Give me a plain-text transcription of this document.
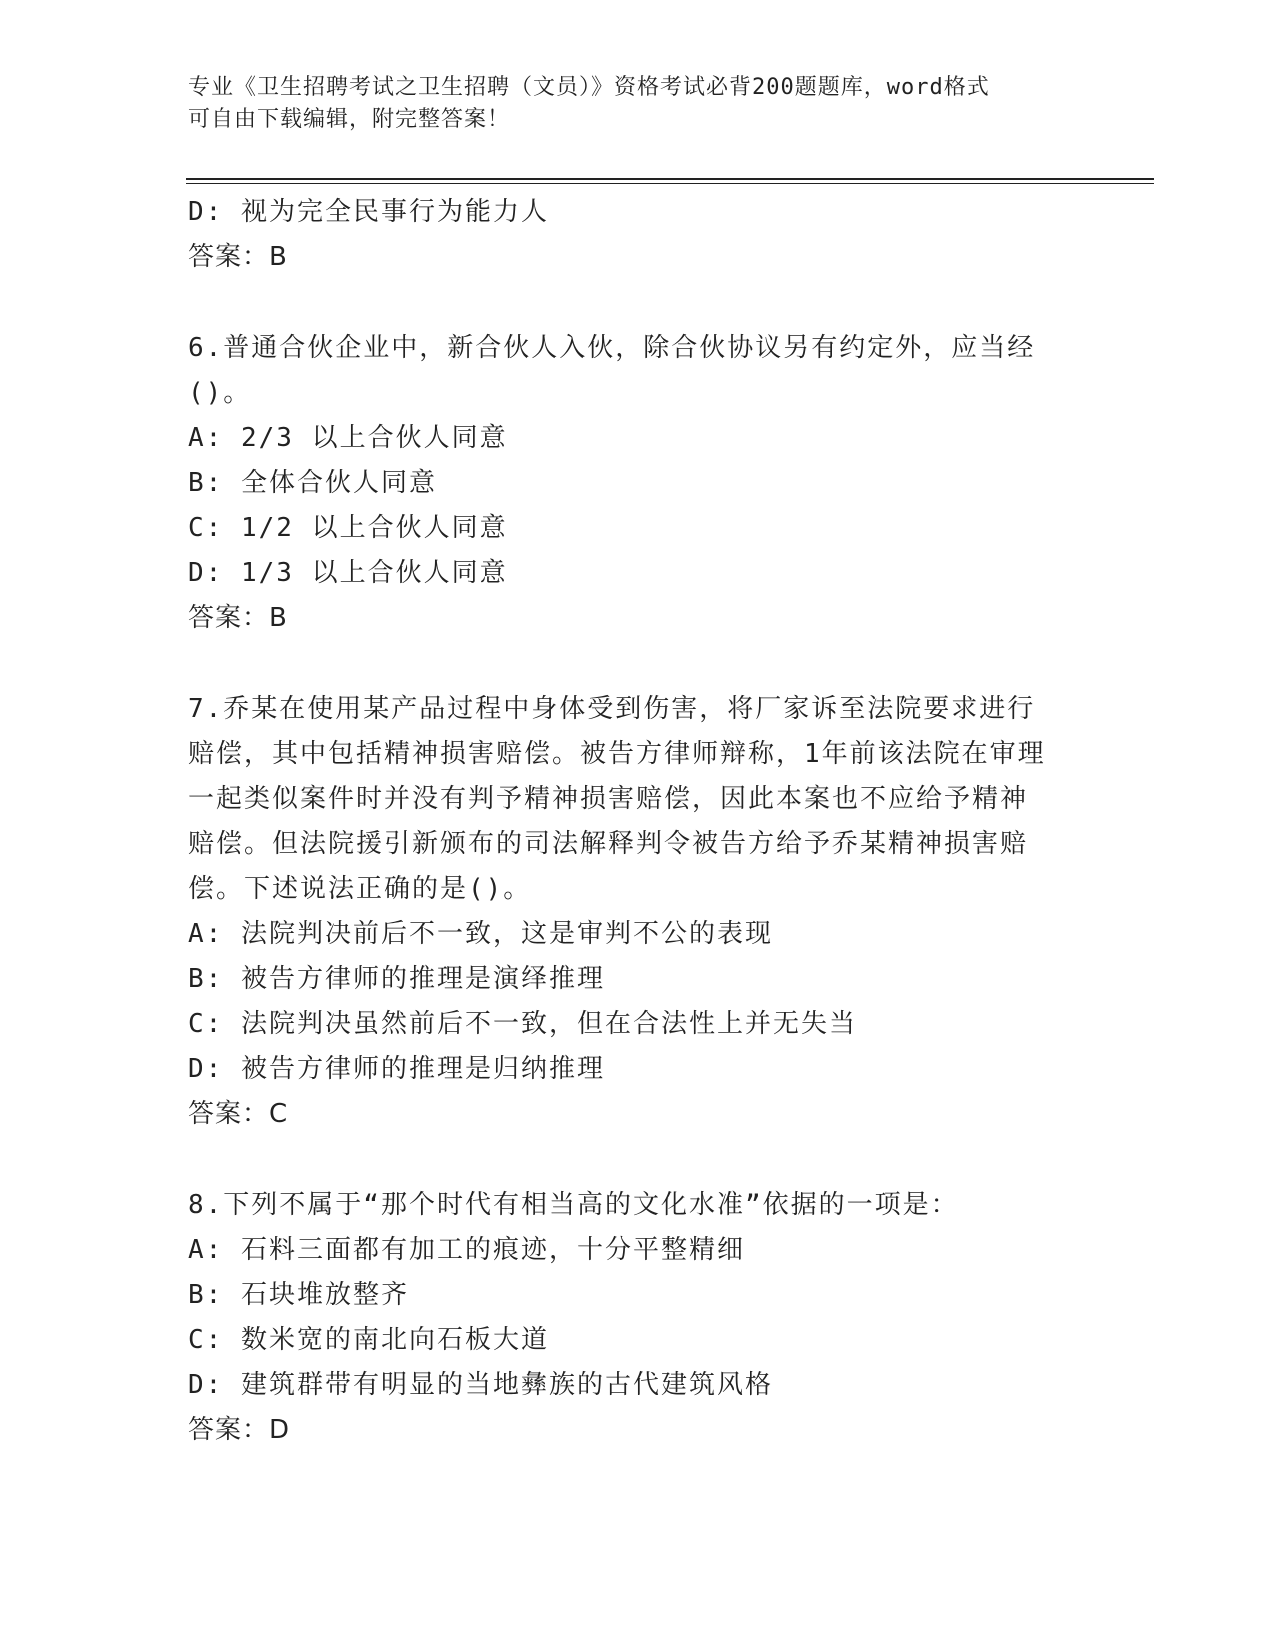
专业《卫生招聘考试之卫生招聘（文员）》资格考试必背200题题库，word格式
可自由下载编辑，附完整答案！
D: 视为完全民事行为能力人
答案：B
6.普通合伙企业中，新合伙人入伙，除合伙协议另有约定外，应当经
()。
A: 2/3 以上合伙人同意
B: 全体合伙人同意
C: 1/2 以上合伙人同意
D: 1/3 以上合伙人同意
答案：B
7.乔某在使用某产品过程中身体受到伤害，将厂家诉至法院要求进行
赔偿，其中包括精神损害赔偿。被告方律师辩称，1年前该法院在审理
一起类似案件时并没有判予精神损害赔偿，因此本案也不应给予精神
赔偿。但法院援引新颁布的司法解释判令被告方给予乔某精神损害赔
偿。下述说法正确的是()。
A: 法院判决前后不一致，这是审判不公的表现
B: 被告方律师的推理是演绎推理
C: 法院判决虽然前后不一致，但在合法性上并无失当
D: 被告方律师的推理是归纳推理
答案：C
8.下列不属于“那个时代有相当高的文化水准”依据的一项是：
A: 石料三面都有加工的痕迹，十分平整精细
B: 石块堆放整齐
C: 数米宽的南北向石板大道
D: 建筑群带有明显的当地彝族的古代建筑风格
答案：D
